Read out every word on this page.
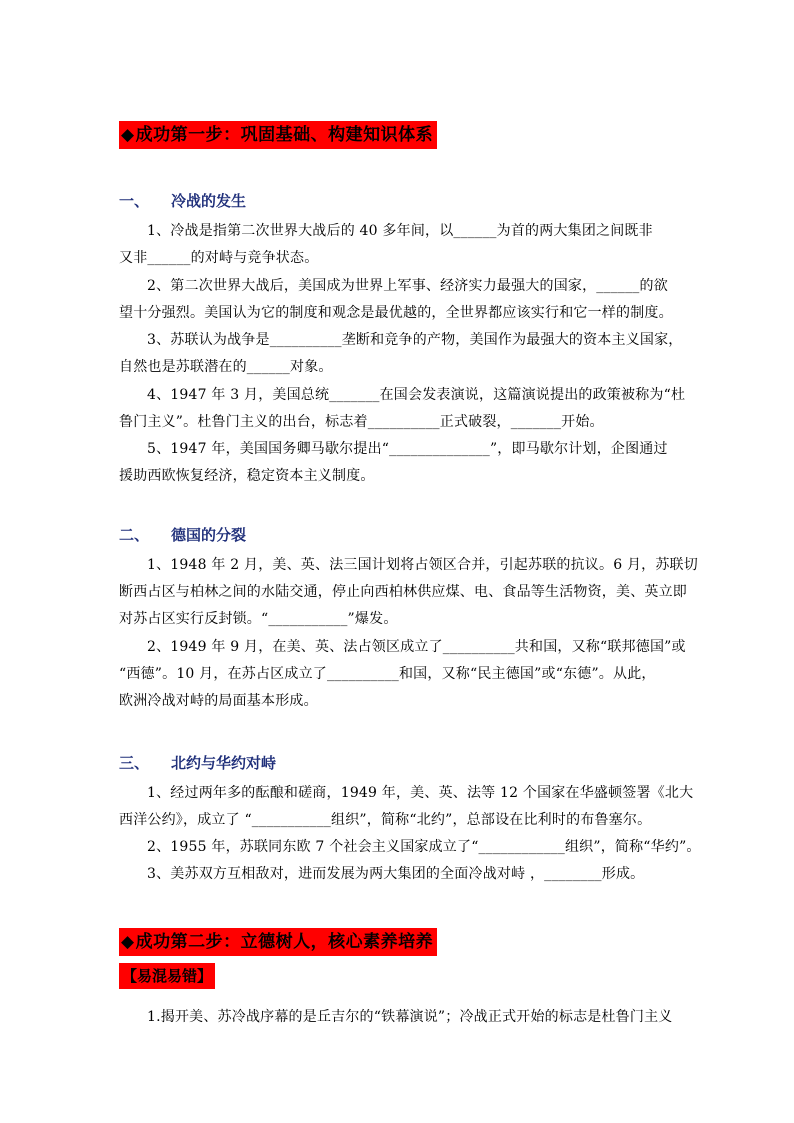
◆成功第一步：巩固基础、构建知识体系
一、 冷战的发生
1、冷战是指第二次世界大战后的 40 多年间，以______为首的两大集团之间既非
又非______的对峙与竞争状态。
2、第二次世界大战后，美国成为世界上军事、经济实力最强大的国家，______的欲
望十分强烈。美国认为它的制度和观念是最优越的，全世界都应该实行和它一样的制度。
3、苏联认为战争是__________垄断和竞争的产物，美国作为最强大的资本主义国家，
自然也是苏联潜在的______对象。
4、1947 年 3 月，美国总统_______在国会发表演说，这篇演说提出的政策被称为“杜
鲁门主义”。杜鲁门主义的出台，标志着__________正式破裂，_______开始。
5、1947 年，美国国务卿马歇尔提出“______________”，即马歇尔计划，企图通过
援助西欧恢复经济，稳定资本主义制度。
二、 德国的分裂
1、1948 年 2 月，美、英、法三国计划将占领区合并，引起苏联的抗议。6 月，苏联切
断西占区与柏林之间的水陆交通，停止向西柏林供应煤、电、食品等生活物资，美、英立即
对苏占区实行反封锁。“___________”爆发。
2、1949 年 9 月，在美、英、法占领区成立了__________共和国，又称“联邦德国”或
“西德”。10 月，在苏占区成立了__________和国，又称“民主德国”或“东德”。从此，
欧洲冷战对峙的局面基本形成。
三、 北约与华约对峙
1、经过两年多的酝酿和磋商，1949 年，美、英、法等 12 个国家在华盛顿签署《北大
西洋公约》，成立了 “___________组织”，简称“北约”，总部设在比利时的布鲁塞尔。
2、1955 年，苏联同东欧 7 个社会主义国家成立了“____________组织”，简称“华约”。
3、美苏双方互相敌对，进而发展为两大集团的全面冷战对峙 ，________形成。
◆成功第二步：立德树人，核心素养培养
【易混易错】
1.揭开美、苏冷战序幕的是丘吉尔的“铁幕演说”；冷战正式开始的标志是杜鲁门主义
